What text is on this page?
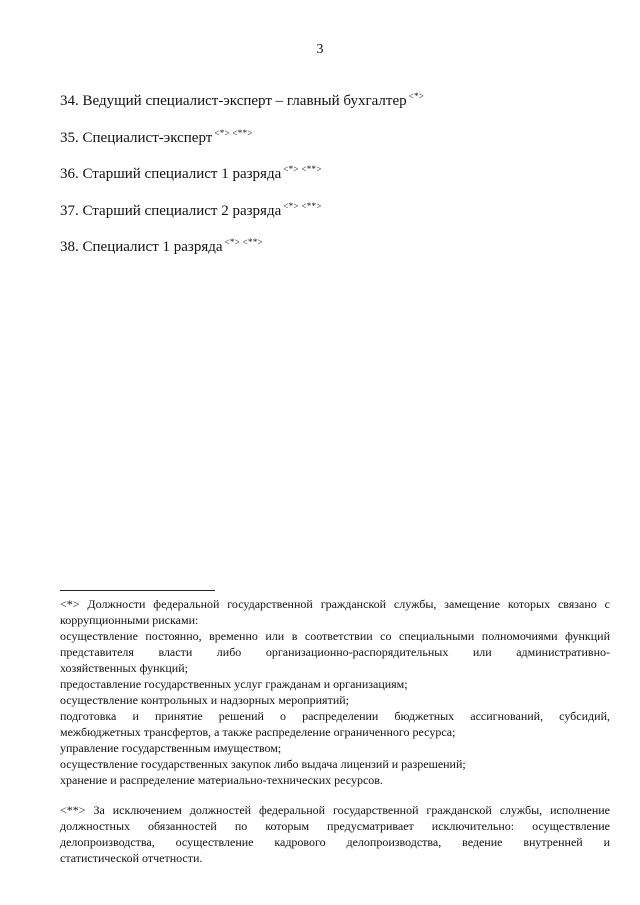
3
34. Ведущий специалист-эксперт – главный бухгалтер <*>
35. Специалист-эксперт <*> <**>
36. Старший специалист 1 разряда <*> <**>
37. Старший специалист 2 разряда <*> <**>
38. Специалист 1 разряда <*> <**>
<*> Должности федеральной государственной гражданской службы, замещение которых связано с
коррупционными рисками:
осуществление постоянно, временно или в соответствии со специальными полномочиями функций
представителя власти либо организационно-распорядительных или административно-
хозяйственных функций;
предоставление государственных услуг гражданам и организациям;
осуществление контрольных и надзорных мероприятий;
подготовка и принятие решений о распределении бюджетных ассигнований, субсидий,
межбюджетных трансфертов, а также распределение ограниченного ресурса;
управление государственным имуществом;
осуществление государственных закупок либо выдача лицензий и разрешений;
хранение и распределение материально-технических ресурсов.
<**> За исключением должностей федеральной государственной гражданской службы, исполнение
должностных обязанностей по которым предусматривает исключительно: осуществление
делопроизводства, осуществление кадрового делопроизводства, ведение внутренней и
статистической отчетности.
